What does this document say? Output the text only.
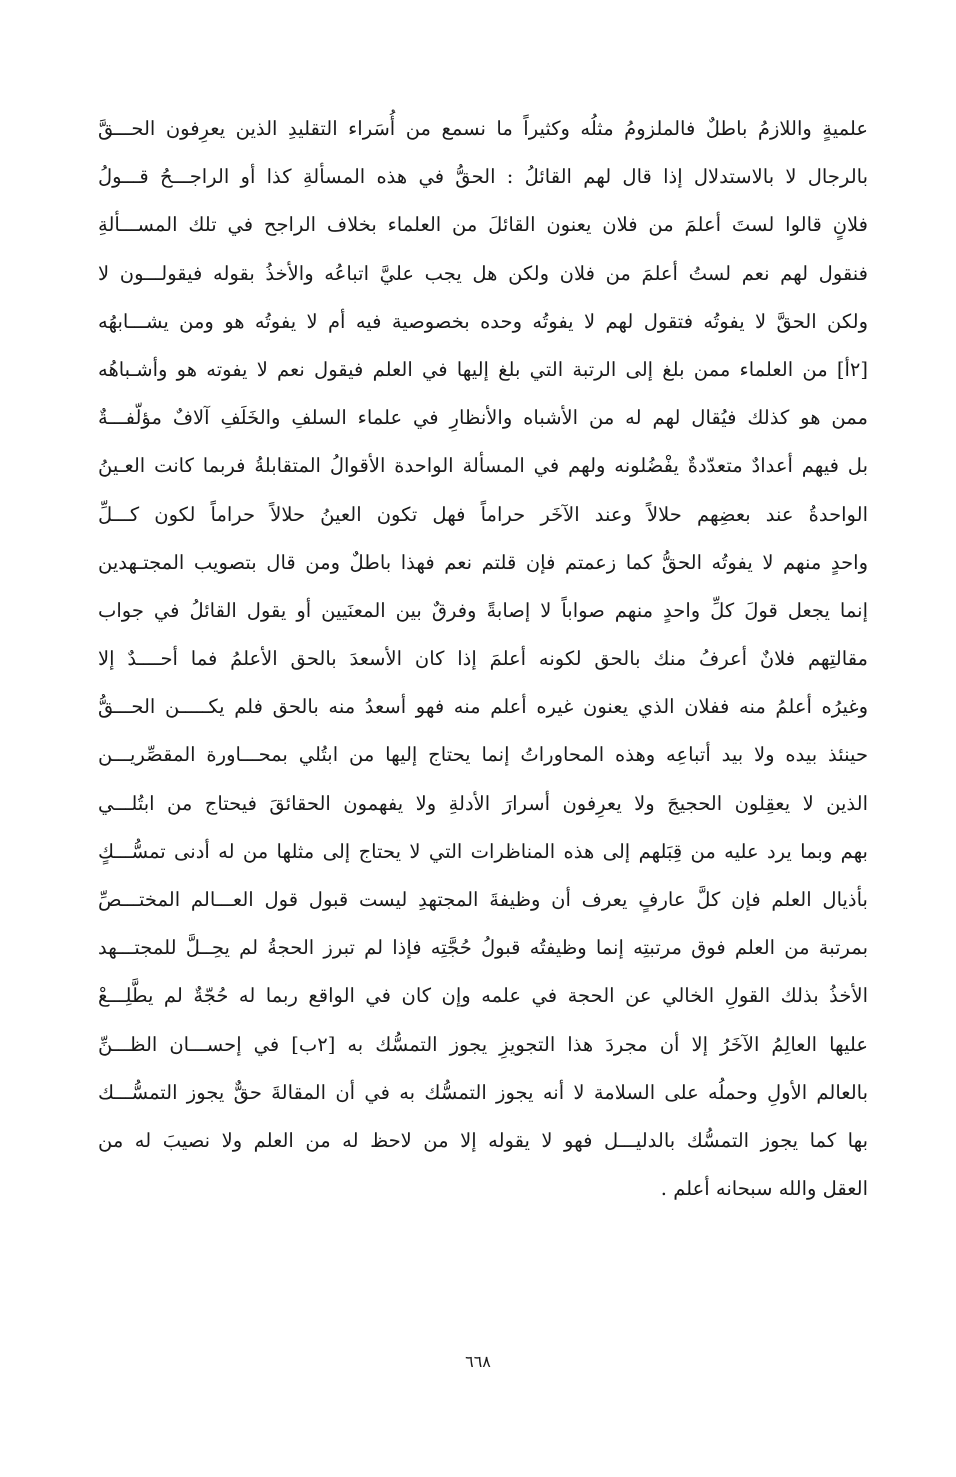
علميةٍ واللازمُ باطلٌ فالملزومُ مثلُه وكثيراً ما نسمع من أُسَراء التقليدِ الذين يعرِفون الحـــقَّ
بالرجال لا بالاستدلال إذا قال لهم القائلُ : الحقُّ في هذه المسألةِ كذا أو الراجـــحُ قـــولُ
فلانٍ قالوا لستَ أعلمَ من فلان يعنون القائلَ من العلماء بخلاف الراجح في تلك المســـألةِ
فنقول لهم نعم لستُ أعلمَ من فلان ولكن هل يجب عليَّ اتباعُه والأخذُ بقوله فيقولـــون لا
ولكن الحقَّ لا يفوتُه فتقول لهم لا يفوتُه وحده بخصوصية فيه أم لا يفوتُه هو ومن يشـــابهُه
[٢أ] من العلماء ممن بلغ إلى الرتبة التي بلغ إليها في العلم فيقول نعم لا يفوته هو وأشـباهُه
ممن هو كذلك فيُقال لهم له من الأشباه والأنظارِ في علماء السلفِ والخَلَفِ آلافٌ مؤلّفـــةٌ
بل فيهم أعدادٌ متعدّدةٌ يفْضُلونه ولهم في المسألة الواحدة الأقوالُ المتقابلةُ فربما كانت العـينُ
الواحدةُ عند بعضِهم حلالاً وعند الآخَر حراماً فهل تكون العينُ حلالاً حراماً لكون كـــلِّ
واحدٍ منهم لا يفوتُه الحقُّ كما زعمتم فإن قلتم نعم فهذا باطلٌ ومن قال بتصويب المجتـهدين
إنما يجعل قولَ كلِّ واحدٍ منهم صواباً لا إصابةً وفرقٌ بين المعنَيين أو يقول القائلُ في جواب
مقالتِهم فلانٌ أعرفُ منك بالحق لكونه أعلمَ إذا كان الأسعدَ بالحق الأعلمُ فما أحــــدٌ إلا
وغيرُه أعلمُ منه ففلان الذي يعنون غيره أعلم منه فهو أسعدُ منه بالحق فلم يكـــــن الحـــقُّ
حينئذ بيده ولا بيد أتباعِه وهذه المحاوراتُ إنما يحتاج إليها من ابتُلي بمحـــاورة المقصِّريـــن
الذين لا يعقِلون الحجيجَ ولا يعرِفون أسرارَ الأدلةِ ولا يفهمون الحقائقَ فيحتاج من ابتُلـــي
بهم وبما يرد عليه من قِبَلهم إلى هذه المناظرات التي لا يحتاج إلى مثلها من له أدنى تمسُّـــكٍ
بأذيال العلم فإن كلَّ عارفٍ يعرف أن وظيفةَ المجتهدِ ليست قبول قول العـــالم المختـــصِّ
بمرتبة من العلم فوق مرتبتِه إنما وظيفتُه قبولُ حُجَّتِه فإذا لم تبرز الحجةُ لم يحِــلَّ للمجتـــهد
الأخذُ بذلك القولِ الخالي عن الحجة في علمه وإن كان في الواقع ربما له حُجّةٌ لم يطَّلِـــعْ
عليها العالِمُ الآخَرُ إلا أن مجردَ هذا التجويزِ يجوز التمسُّك به [٢ب] في إحســـان الظـــنِّ
بالعالم الأولِ وحملُه على السلامة لا أنه يجوز التمسُّك به في أن المقالةَ حقٌّ يجوز التمسُّـــك
بها كما يجوز التمسُّك بالدليـــل فهو لا يقوله إلا من لاحظ له من العلم ولا نصيبَ له من
العقل والله سبحانه أعلم .
٦٦٨
